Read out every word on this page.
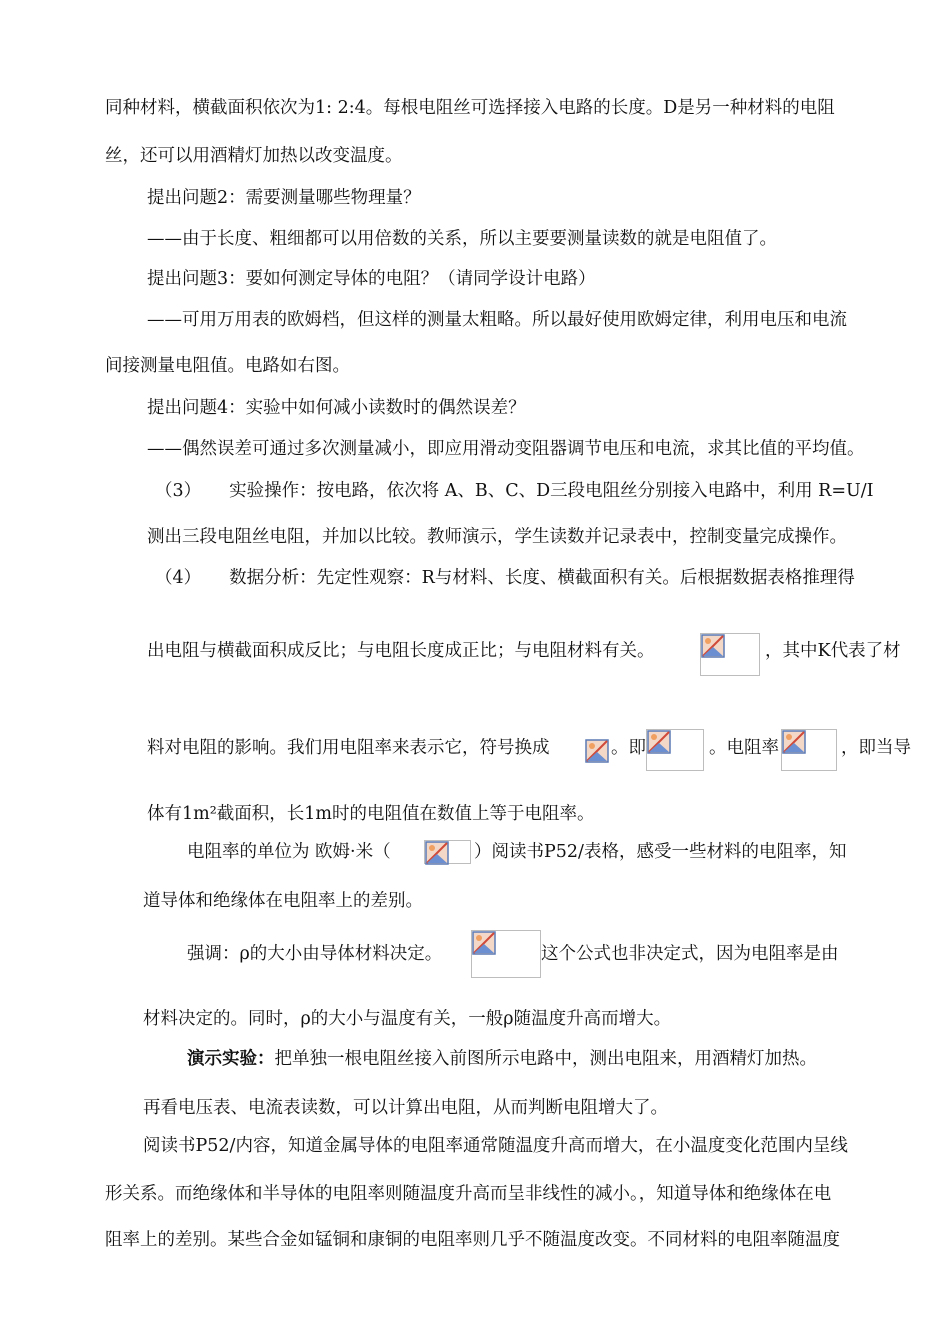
同种材料，横截面积依次为1: 2:4。每根电阻丝可选择接入电路的长度。D是另一种材料的电阻
丝，还可以用酒精灯加热以改变温度。
提出问题2：需要测量哪些物理量？
——由于长度、粗细都可以用倍数的关系，所以主要要测量读数的就是电阻值了。
提出问题3：要如何测定导体的电阻？（请同学设计电路）
——可用万用表的欧姆档，但这样的测量太粗略。所以最好使用欧姆定律，利用电压和电流
间接测量电阻值。电路如右图。
提出问题4：实验中如何减小读数时的偶然误差？
——偶然误差可通过多次测量减小，即应用滑动变阻器调节电压和电流，求其比值的平均值。
（3） 实验操作：按电路，依次将 A、B、C、D三段电阻丝分别接入电路中，利用 R=U/I
测出三段电阻丝电阻，并加以比较。教师演示，学生读数并记录表中，控制变量完成操作。
（4） 数据分析：先定性观察：R与材料、长度、横截面积有关。后根据数据表格推理得
出电阻与横截面积成反比；与电阻长度成正比；与电阻材料有关。	，其中K代表了材
料对电阻的影响。我们用电阻率来表示它，符号换成	。即	。电阻率	，即当导
体有1m²截面积，长1m时的电阻值在数值上等于电阻率。
电阻率的单位为 欧姆·米（	）阅读书P52/表格，感受一些材料的电阻率，知
道导体和绝缘体在电阻率上的差别。
强调：ρ的大小由导体材料决定。	这个公式也非决定式，因为电阻率是由
材料决定的。同时，ρ的大小与温度有关，一般ρ随温度升高而增大。
演示实验：把单独一根电阻丝接入前图所示电路中，测出电阻来，用酒精灯加热。
再看电压表、电流表读数，可以计算出电阻，从而判断电阻增大了。
阅读书P52/内容，知道金属导体的电阻率通常随温度升高而增大，在小温度变化范围内呈线
形关系。而绝缘体和半导体的电阻率则随温度升高而呈非线性的减小。，知道导体和绝缘体在电
阻率上的差别。某些合金如锰铜和康铜的电阻率则几乎不随温度改变。不同材料的电阻率随温度
